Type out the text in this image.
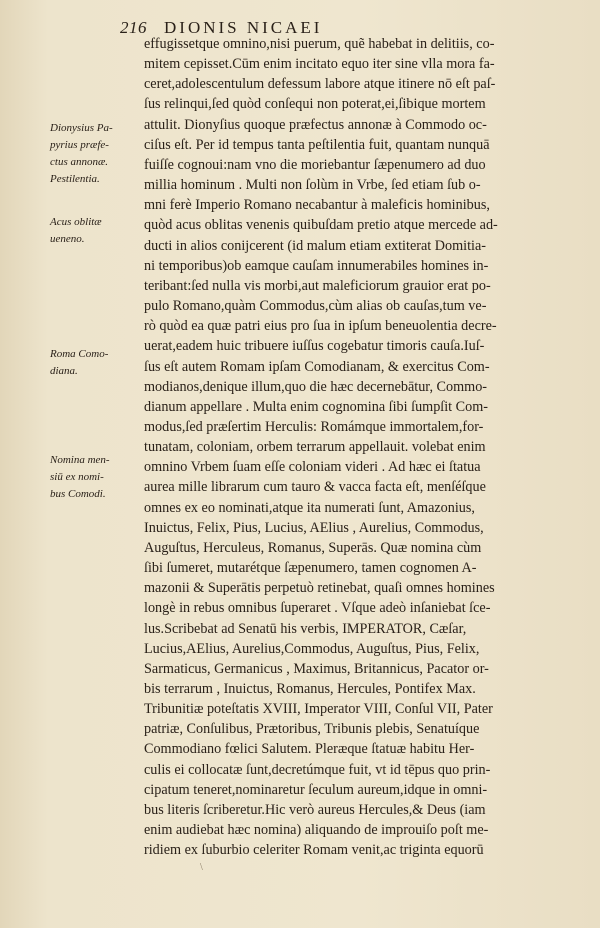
216 DIONIS NICAEI
Dionysius Pa-
pyrius præfe-
ctus annonæ.
Pestilentia.
Acus oblitæ
ueneno.
Roma Como-
diana.
Nomina men-
siū ex nomi-
bus Comodi.
effugissetque omnino,nisi puerum, quẽ habebat in delitiis, co-
mitem cepisset.Cūm enim incitato equo iter sine vlla mora fa-
ceret,adolescentulum defessum labore atque itinere nō eſt paſ-
ſus relinqui,ſed quòd conſequi non poterat,ei,ſibique mortem
attulit. Dionyſius quoque præfectus annonæ à Commodo oc-
ciſus eſt. Per id tempus tanta peſtilentia fuit, quantam nunquā
fuiſſe cognoui:nam vno die moriebantur ſæpenumero ad duo
millia hominum . Multi non ſolùm in Vrbe, ſed etiam ſub o-
mni ferè Imperio Romano necabantur à maleficis hominibus,
quòd acus oblitas venenis quibuſdam pretio atque mercede ad-
ducti in alios conijcerent (id malum etiam extiterat Domitia-
ni temporibus)ob eamque cauſam innumerabiles homines in-
teribant:ſed nulla vis morbi,aut maleficiorum grauior erat po-
pulo Romano,quàm Commodus,cùm alias ob cauſas,tum ve-
rò quòd ea quæ patri eius pro ſua in ipſum beneuolentia decre-
uerat,eadem huic tribuere iuſſus cogebatur timoris cauſa.Iuſ-
ſus eſt autem Romam ipſam Comodianam, & exercitus Com-
modianos,denique illum,quo die hæc decernebātur, Commo-
dianum appellare . Multa enim cognomina ſibi ſumpſit Com-
modus,ſed præſertim Herculis: Romámque immortalem,for-
tunatam, coloniam, orbem terrarum appellauit. volebat enim
omnino Vrbem ſuam eſſe coloniam videri . Ad hæc ei ſtatua
aurea mille librarum cum tauro & vacca facta eſt, menſéſque
omnes ex eo nominati,atque ita numerati ſunt, Amazonius,
Inuictus, Felix, Pius, Lucius, AElius , Aurelius, Commodus,
Auguſtus, Herculeus, Romanus, Superās. Quæ nomina cùm
ſibi ſumeret, mutarétque ſæpenumero, tamen cognomen A-
mazonii & Superātis perpetuò retinebat, quaſi omnes homines
longè in rebus omnibus ſuperaret . Vſque adeò inſaniebat ſce-
lus.Scribebat ad Senatū his verbis, IMPERATOR, Cæſar,
Lucius,AElius, Aurelius,Commodus, Auguſtus, Pius, Felix,
Sarmaticus, Germanicus , Maximus, Britannicus, Pacator or-
bis terrarum , Inuictus, Romanus, Hercules, Pontifex Max.
Tribunitiæ poteſtatis XVIII, Imperator VIII, Conſul VII, Pater
patriæ, Conſulibus, Prætoribus, Tribunis plebis, Senatuíque
Commodiano fœlici Salutem. Pleræque ſtatuæ habitu Her-
culis ei collocatæ ſunt,decretúmque fuit, vt id tēpus quo prin-
cipatum teneret,nominaretur ſeculum aureum,idque in omni-
bus literis ſcriberetur.Hic verò aureus Hercules,& Deus (iam
enim audiebat hæc nomina) aliquando de improuiſo poſt me-
ridiem ex ſuburbio celeriter Romam venit,ac triginta equorū
\
